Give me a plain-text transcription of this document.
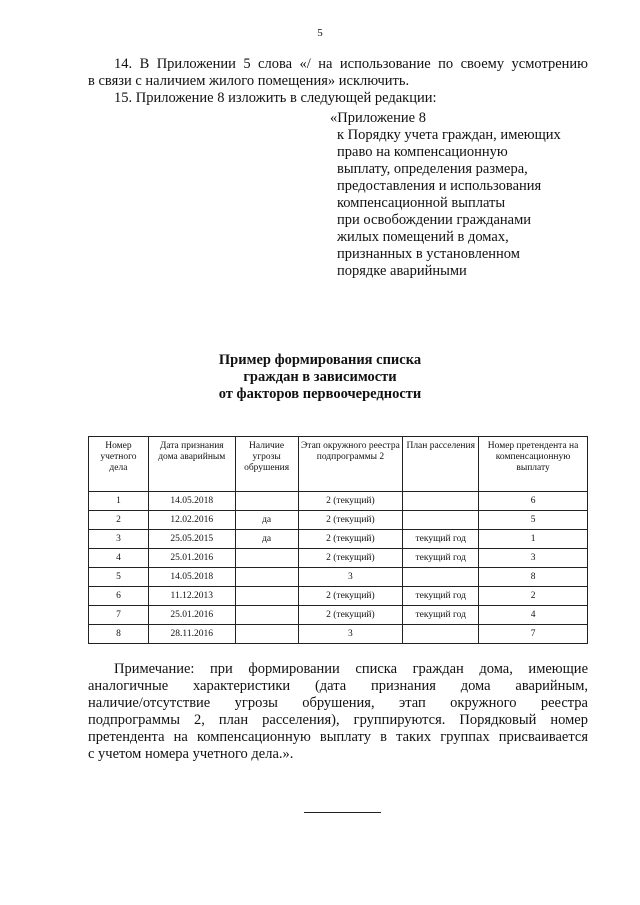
5
14. В Приложении 5 слова «/ на использование по своему усмотрению
в связи с наличием жилого помещения» исключить.
15. Приложение 8 изложить в следующей редакции:
«Приложение 8
к Порядку учета граждан, имеющих
право на компенсационную
выплату, определения размера,
предоставления и использования
компенсационной выплаты
при освобождении гражданами
жилых помещений в домах,
признанных в установленном
порядке аварийными
Пример формирования списка
граждан в зависимости
от факторов первоочередности
Номер учетного дела	Дата признания дома аварийным	Наличие угрозы обрушения	Этап окружного реестра подпрограммы 2	План расселения	Номер претендента на компенсационную выплату
1	14.05.2018		2 (текущий)		6
2	12.02.2016	да	2 (текущий)		5
3	25.05.2015	да	2 (текущий)	текущий год	1
4	25.01.2016		2 (текущий)	текущий год	3
5	14.05.2018		3		8
6	11.12.2013		2 (текущий)	текущий год	2
7	25.01.2016		2 (текущий)	текущий год	4
8	28.11.2016		3		7
Примечание: при формировании списка граждан дома, имеющие
аналогичные характеристики (дата признания дома аварийным,
наличие/отсутствие угрозы обрушения, этап окружного реестра
подпрограммы 2, план расселения), группируются. Порядковый номер
претендента на компенсационную выплату в таких группах присваивается
с учетом номера учетного дела.».
